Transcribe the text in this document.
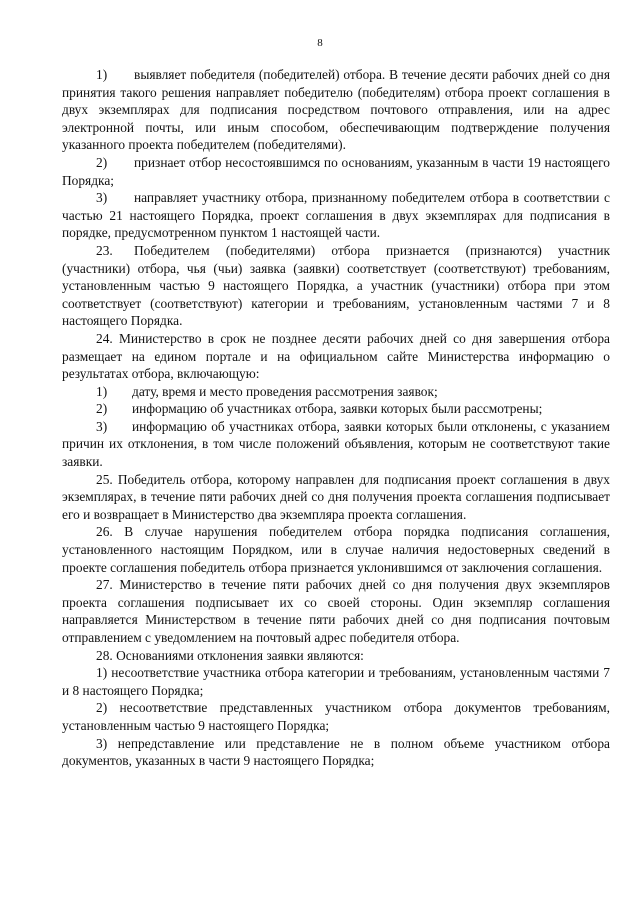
8

1) выявляет победителя (победителей) отбора. В течение десяти рабочих дней со дня принятия такого решения направляет победителю (победителям) отбора проект соглашения в двух экземплярах для подписания посредством почтового отправления, или на адрес электронной почты, или иным способом, обеспечивающим подтверждение получения указанного проекта победителем (победителями).

2) признает отбор несостоявшимся по основаниям, указанным в части 19 настоящего Порядка;

3) направляет участнику отбора, признанному победителем отбора в соответствии с частью 21 настоящего Порядка, проект соглашения в двух экземплярах для подписания в порядке, предусмотренном пунктом 1 настоящей части.

23. Победителем (победителями) отбора признается (признаются) участник (участники) отбора, чья (чьи) заявка (заявки) соответствует (соответствуют) требованиям, установленным частью 9 настоящего Порядка, а участник (участники) отбора при этом соответствует (соответствуют) категории и требованиям, установленным частями 7 и 8 настоящего Порядка.

24. Министерство в срок не позднее десяти рабочих дней со дня завершения отбора размещает на едином портале и на официальном сайте Министерства информацию о результатах отбора, включающую:

1) дату, время и место проведения рассмотрения заявок;

2) информацию об участниках отбора, заявки которых были рассмотрены;

3) информацию об участниках отбора, заявки которых были отклонены, с указанием причин их отклонения, в том числе положений объявления, которым не соответствуют такие заявки.

25. Победитель отбора, которому направлен для подписания проект соглашения в двух экземплярах, в течение пяти рабочих дней со дня получения проекта соглашения подписывает его и возвращает в Министерство два экземпляра проекта соглашения.

26. В случае нарушения победителем отбора порядка подписания соглашения, установленного настоящим Порядком, или в случае наличия недостоверных сведений в проекте соглашения победитель отбора признается уклонившимся от заключения соглашения.

27. Министерство в течение пяти рабочих дней со дня получения двух экземпляров проекта соглашения подписывает их со своей стороны. Один экземпляр соглашения направляется Министерством в течение пяти рабочих дней со дня подписания почтовым отправлением с уведомлением на почтовый адрес победителя отбора.

28. Основаниями отклонения заявки являются:

1) несоответствие участника отбора категории и требованиям, установленным частями 7 и 8 настоящего Порядка;

2) несоответствие представленных участником отбора документов требованиям, установленным частью 9 настоящего Порядка;

3) непредставление или представление не в полном объеме участником отбора документов, указанных в части 9 настоящего Порядка;
